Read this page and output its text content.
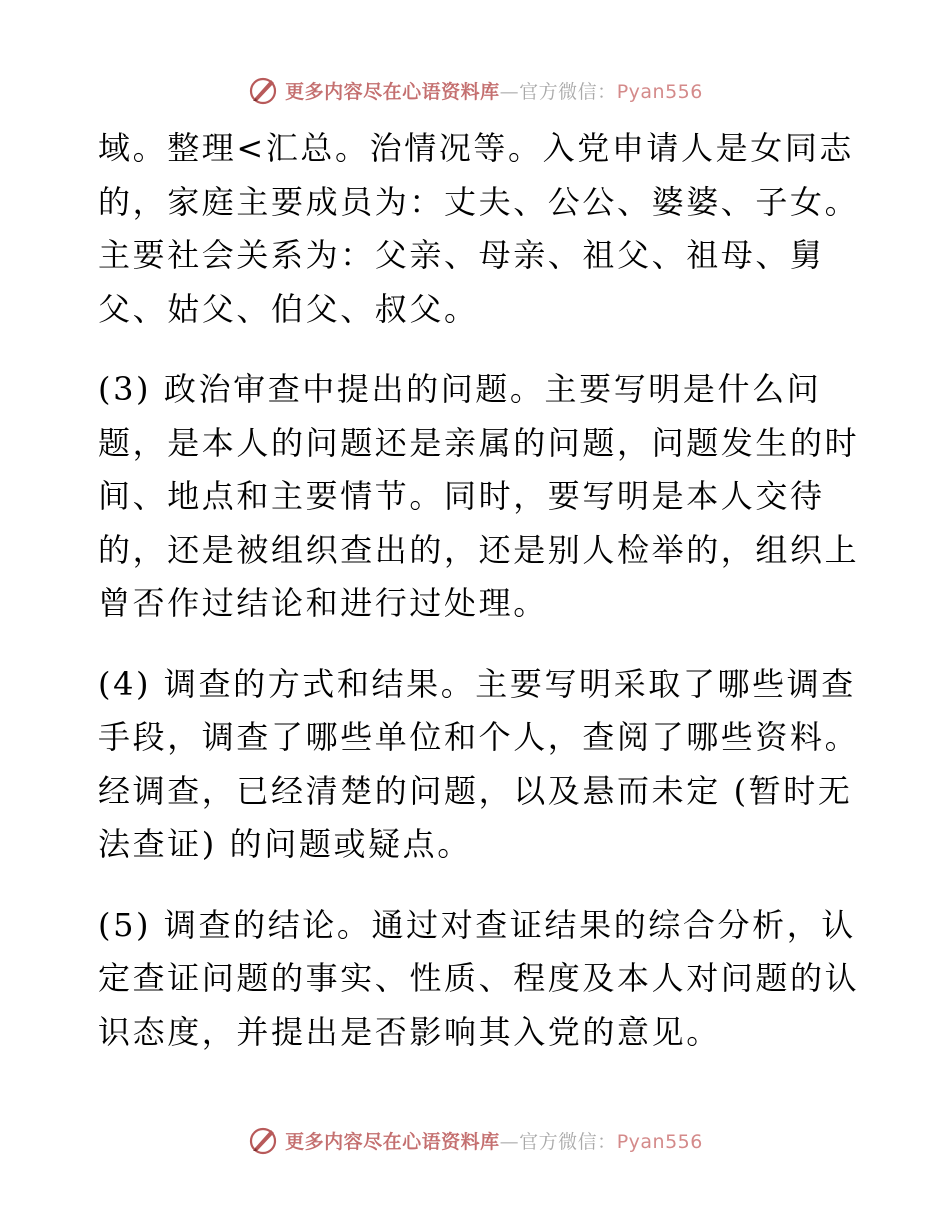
更多内容尽在心语资料库—官方微信：Pyan556

域。整理<汇总。治情况等。入党申请人是女同志
的，家庭主要成员为：丈夫、公公、婆婆、子女。
主要社会关系为：父亲、母亲、祖父、祖母、舅
父、姑父、伯父、叔父。

(3) 政治审查中提出的问题。主要写明是什么问
题，是本人的问题还是亲属的问题，问题发生的时
间、地点和主要情节。同时，要写明是本人交待
的，还是被组织查出的，还是别人检举的，组织上
曾否作过结论和进行过处理。

(4) 调查的方式和结果。主要写明采取了哪些调查
手段，调查了哪些单位和个人，查阅了哪些资料。
经调查，已经清楚的问题，以及悬而未定 (暂时无
法查证) 的问题或疑点。

(5) 调查的结论。通过对查证结果的综合分析，认
定查证问题的事实、性质、程度及本人对问题的认
识态度，并提出是否影响其入党的意见。

更多内容尽在心语资料库—官方微信：Pyan556
